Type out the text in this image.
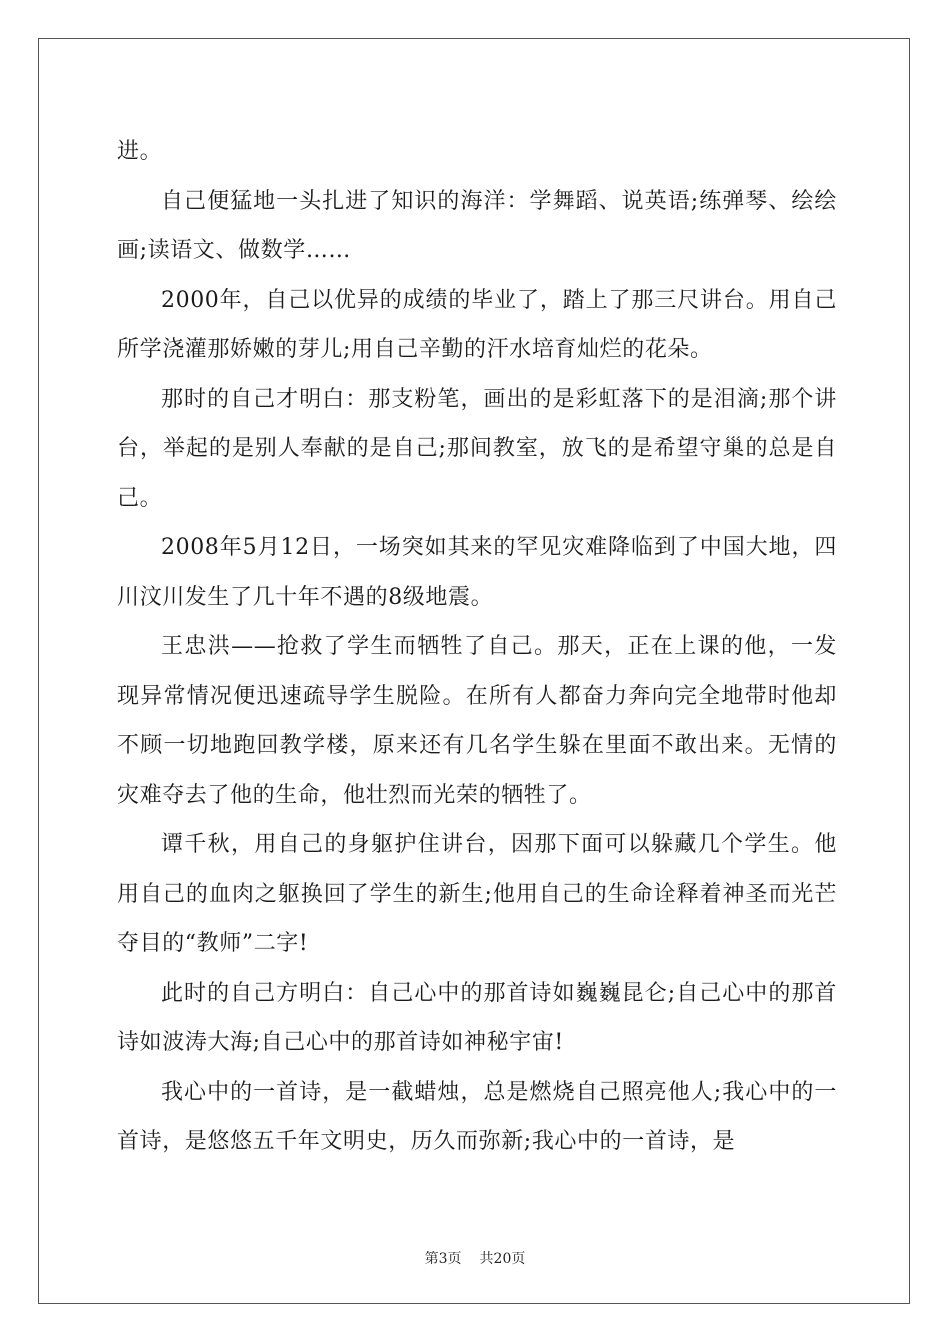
进。

自己便猛地一头扎进了知识的海洋：学舞蹈、说英语;练弹琴、绘绘画;读语文、做数学……

2000年，自己以优异的成绩的毕业了，踏上了那三尺讲台。用自己所学浇灌那娇嫩的芽儿;用自己辛勤的汗水培育灿烂的花朵。

那时的自己才明白：那支粉笔，画出的是彩虹落下的是泪滴;那个讲台，举起的是别人奉献的是自己;那间教室，放飞的是希望守巢的总是自己。

2008年5月12日，一场突如其来的罕见灾难降临到了中国大地，四川汶川发生了几十年不遇的8级地震。

王忠洪——抢救了学生而牺牲了自己。那天，正在上课的他，一发现异常情况便迅速疏导学生脱险。在所有人都奋力奔向完全地带时他却不顾一切地跑回教学楼，原来还有几名学生躲在里面不敢出来。无情的灾难夺去了他的生命，他壮烈而光荣的牺牲了。

谭千秋，用自己的身躯护住讲台，因那下面可以躲藏几个学生。他用自己的血肉之躯换回了学生的新生;他用自己的生命诠释着神圣而光芒夺目的“教师”二字!

此时的自己方明白：自己心中的那首诗如巍巍昆仑;自己心中的那首诗如波涛大海;自己心中的那首诗如神秘宇宙!

我心中的一首诗，是一截蜡烛，总是燃烧自己照亮他人;我心中的一首诗，是悠悠五千年文明史，历久而弥新;我心中的一首诗，是

第3页 共20页
